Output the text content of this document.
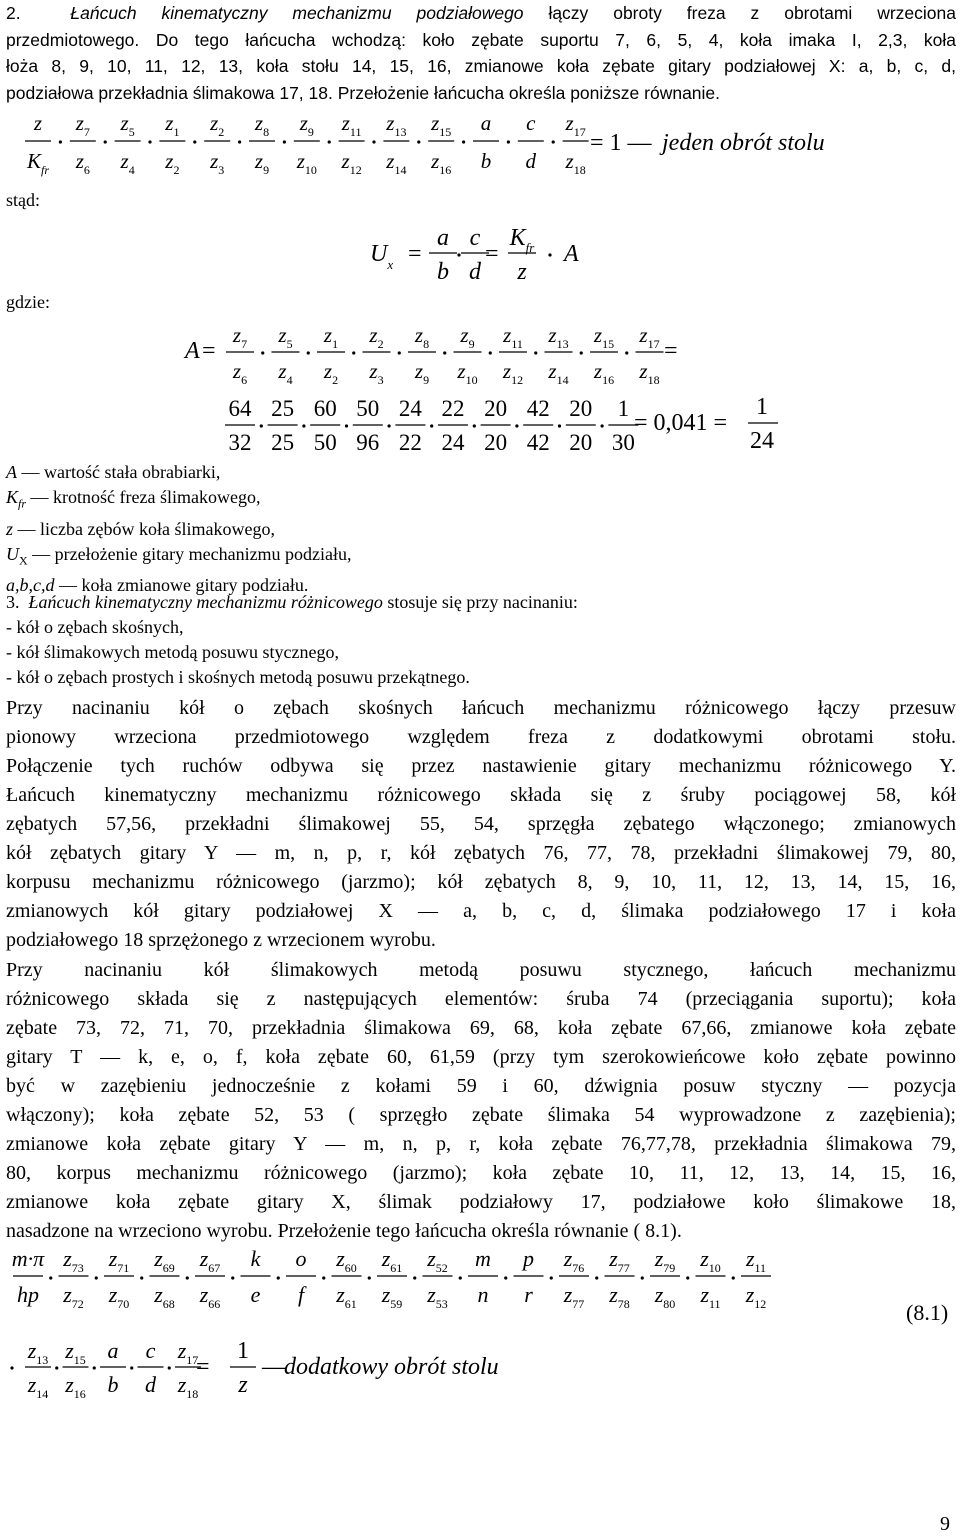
2.	Łańcuch kinematyczny mechanizmu podziałowego łączy obroty freza z obrotami wrzeciona
przedmiotowego. Do tego łańcucha wchodzą: koło zębate suportu 7, 6, 5, 4, koła imaka I, 2,3, koła
łoża 8, 9, 10, 11, 12, 13, koła stołu 14, 15, 16, zmianowe koła zębate gitary podziałowej X: a, b, c, d,
podziałowa przekładnia ślimakowa 17, 18. Przełożenie łańcucha określa poniższe równanie.
z
$K_{fr}$
$z_7$
$z_6$
$z_5$
$z_4$
$z_1$
$z_2$
$z_2$
$z_3$
$z_8$
$z_9$
$z_9$
$z_{10}$
$z_{11}$
$z_{12}$
$z_{13}$
$z_{14}$
$z_{15}$
$z_{16}$
a
b
c
d
$z_{17}$
$z_{18}$
= 1 — jeden obrót stolu
stąd:
$U_x$ =
a
b
c
d
$K_{fr}$
z
=	A
gdzie:
A =
$z_7$
$z_6$
$z_5$
$z_4$
$z_1$
$z_2$
$z_2$
$z_3$
$z_8$
$z_9$
$z_9$
$z_{10}$
$z_{11}$
$z_{12}$
$z_{13}$
$z_{14}$
$z_{15}$
$z_{16}$
$z_{17}$
$z_{18}$
=
64
32
25
25
60
50
50
96
24
22
22
24
20
20
42
42
20
20
1
30
= 0,041 =
1
24
A — wartość stała obrabiarki,
$K_{fr}$ — krotność freza ślimakowego,
z — liczba zębów koła ślimakowego,
$U_X$ — przełożenie gitary mechanizmu podziału,
a,b,c,d — koła zmianowe gitary podziału.
3. Łańcuch kinematyczny mechanizmu różnicowego stosuje się przy nacinaniu:
- kół o zębach skośnych,
- kół ślimakowych metodą posuwu stycznego,
- kół o zębach prostych i skośnych metodą posuwu przekątnego.
Przy nacinaniu kół o zębach skośnych łańcuch mechanizmu różnicowego łączy przesuw
pionowy wrzeciona przedmiotowego względem freza z dodatkowymi obrotami stołu.
Połączenie tych ruchów odbywa się przez nastawienie gitary mechanizmu różnicowego Y.
Łańcuch kinematyczny mechanizmu różnicowego składa się z śruby pociągowej 58, kół
zębatych 57,56, przekładni ślimakowej 55, 54, sprzęgła zębatego włączonego; zmianowych
kół zębatych gitary Y — m, n, p, r, kół zębatych 76, 77, 78, przekładni ślimakowej 79, 80,
korpusu mechanizmu różnicowego (jarzmo); kół zębatych 8, 9, 10, 11, 12, 13, 14, 15, 16,
zmianowych kół gitary podziałowej X — a, b, c, d, ślimaka podziałowego 17 i koła
podziałowego 18 sprzężonego z wrzecionem wyrobu.
Przy nacinaniu kół ślimakowych metodą posuwu stycznego, łańcuch mechanizmu
różnicowego składa się z następujących elementów: śruba 74 (przeciągania suportu); koła
zębate 73, 72, 71, 70, przekładnia ślimakowa 69, 68, koła zębate 67,66, zmianowe koła zębate
gitary T — k, e, o, f, koła zębate 60, 61,59 (przy tym szerokowieńcowe koło zębate powinno
być w zazębieniu jednocześnie z kołami 59 i 60, dźwignia posuw styczny — pozycja
włączony); koła zębate 52, 53 ( sprzęgło zębate ślimaka 54 wyprowadzone z zazębienia);
zmianowe koła zębate gitary Y — m, n, p, r, koła zębate 76,77,78, przekładnia ślimakowa 79,
80, korpus mechanizmu różnicowego (jarzmo); koła zębate 10, 11, 12, 13, 14, 15, 16,
zmianowe koła zębate gitary X, ślimak podziałowy 17, podziałowe koło ślimakowe 18,
nasadzone na wrzeciono wyrobu. Przełożenie tego łańcucha określa równanie ( 8.1).
m·π
hp
$z_{73}$
$z_{72}$
$z_{71}$
$z_{70}$
$z_{69}$
$z_{68}$
$z_{67}$
$z_{66}$
k
e
o
f
$z_{60}$
$z_{61}$
$z_{61}$
$z_{59}$
$z_{52}$
$z_{53}$
m
n
p
r
$z_{76}$
$z_{77}$
$z_{77}$
$z_{78}$
$z_{79}$
$z_{80}$
$z_{10}$
$z_{11}$
$z_{11}$
$z_{12}$
$z_{13}$
$z_{14}$
$z_{15}$
$z_{16}$
a
b
c
d
$z_{17}$
$z_{18}$
=
1
z
—
dodatkowy obrót stolu
(8.1)
9
